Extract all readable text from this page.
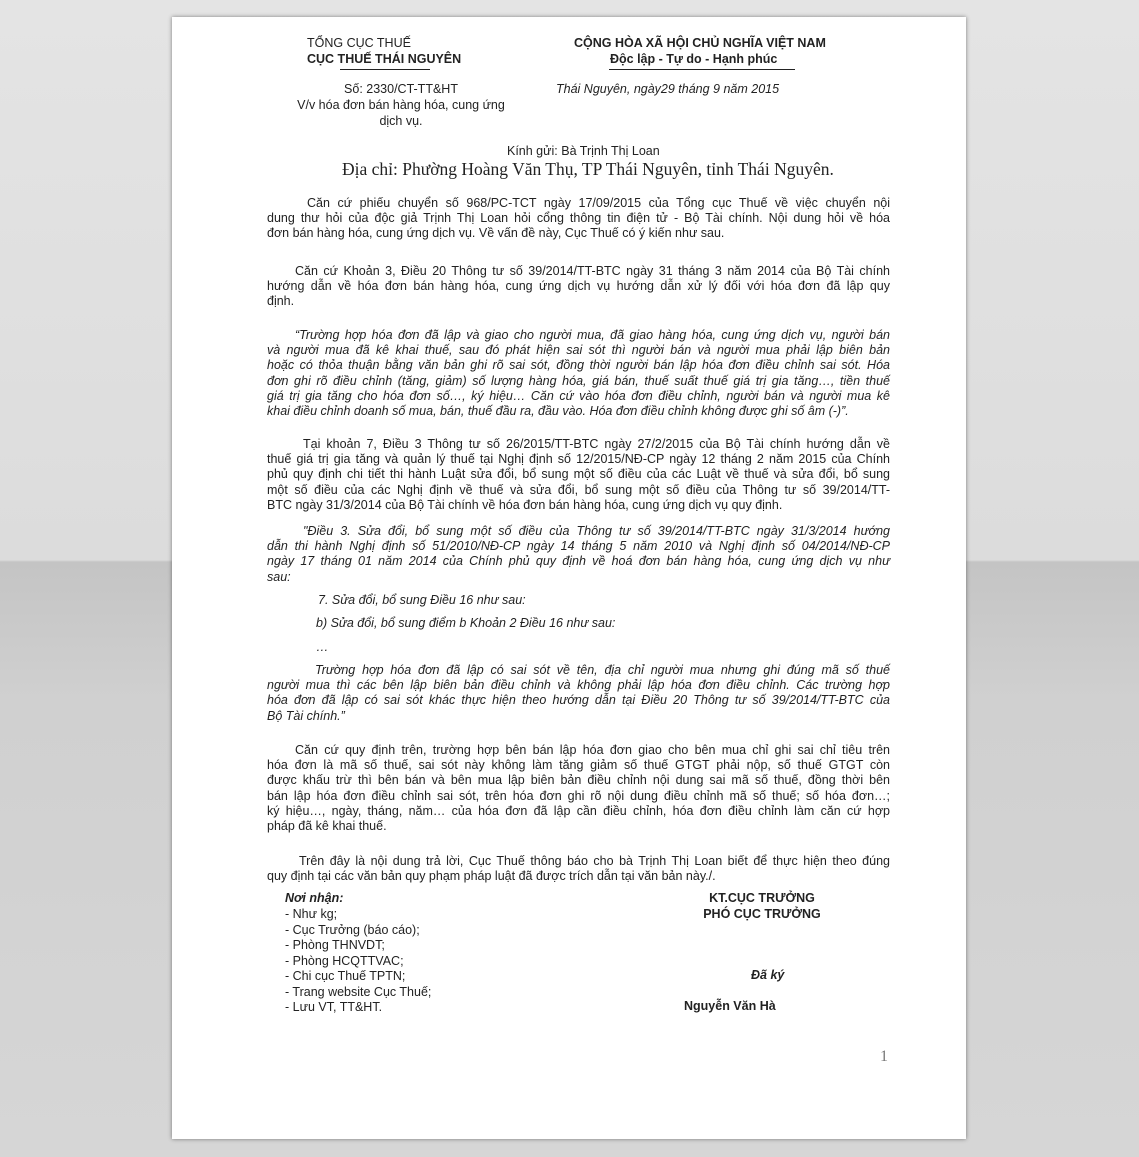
TỔNG CỤC THUẾ
CỤC THUẾ THÁI NGUYÊN
CỘNG HÒA XÃ HỘI CHỦ NGHĨA VIỆT NAM
Độc lập - Tự do - Hạnh phúc
Số: 2330/CT-TT&HT
V/v hóa đơn bán hàng hóa, cung ứng
dịch vụ.
Thái Nguyên, ngày29 tháng 9 năm 2015
Kính gửi: Bà Trịnh Thị Loan
Địa chỉ: Phường Hoàng Văn Thụ, TP Thái Nguyên, tỉnh Thái Nguyên.
Căn cứ phiếu chuyển số 968/PC-TCT ngày 17/09/2015 của Tổng cục Thuế về việc chuyển nội
dung thư hỏi của độc giả Trịnh Thị Loan hỏi cổng thông tin điện tử - Bộ Tài chính. Nội dung hỏi về hóa
đơn bán hàng hóa, cung ứng dịch vụ. Về vấn đề này, Cục Thuế có ý kiến như sau.
Căn cứ Khoản 3, Điều 20 Thông tư số 39/2014/TT-BTC ngày 31 tháng 3 năm 2014 của Bộ Tài chính
hướng dẫn về hóa đơn bán hàng hóa, cung ứng dịch vụ hướng dẫn xử lý đối với hóa đơn đã lập quy
định.
“Trường hợp hóa đơn đã lập và giao cho người mua, đã giao hàng hóa, cung ứng dịch vụ, người bán
và người mua đã kê khai thuế, sau đó phát hiện sai sót thì người bán và người mua phải lập biên bản
hoặc có thỏa thuận bằng văn bản ghi rõ sai sót, đồng thời người bán lập hóa đơn điều chỉnh sai sót. Hóa
đơn ghi rõ điều chỉnh (tăng, giảm) số lượng hàng hóa, giá bán, thuế suất thuế giá trị gia tăng…, tiền thuế
giá trị gia tăng cho hóa đơn số…, ký hiệu… Căn cứ vào hóa đơn điều chỉnh, người bán và người mua kê
khai điều chỉnh doanh số mua, bán, thuế đầu ra, đầu vào. Hóa đơn điều chỉnh không được ghi số âm (-)”.
Tại khoản 7, Điều 3 Thông tư số 26/2015/TT-BTC ngày 27/2/2015 của Bộ Tài chính hướng dẫn về
thuế giá trị gia tăng và quản lý thuế tại Nghị định số 12/2015/NĐ-CP ngày 12 tháng 2 năm 2015 của Chính
phủ quy định chi tiết thi hành Luật sửa đổi, bổ sung một số điều của các Luật về thuế và sửa đổi, bổ sung
một số điều của các Nghị định về thuế và sửa đổi, bổ sung một số điều của Thông tư số 39/2014/TT-
BTC ngày 31/3/2014 của Bộ Tài chính về hóa đơn bán hàng hóa, cung ứng dịch vụ quy định.
"Điều 3. Sửa đổi, bổ sung một số điều của Thông tư số 39/2014/TT-BTC ngày 31/3/2014 hướng
dẫn thi hành Nghị định số 51/2010/NĐ-CP ngày 14 tháng 5 năm 2010 và Nghị định số 04/2014/NĐ-CP
ngày 17 tháng 01 năm 2014 của Chính phủ quy định về hoá đơn bán hàng hóa, cung ứng dịch vụ như
sau:
7. Sửa đổi, bổ sung Điều 16 như sau:
b) Sửa đổi, bổ sung điểm b Khoản 2 Điều 16 như sau:
…
Trường hợp hóa đơn đã lập có sai sót về tên, địa chỉ người mua nhưng ghi đúng mã số thuế
người mua thì các bên lập biên bản điều chỉnh và không phải lập hóa đơn điều chỉnh. Các trường hợp
hóa đơn đã lập có sai sót khác thực hiện theo hướng dẫn tại Điều 20 Thông tư số 39/2014/TT-BTC của
Bộ Tài chính.”
Căn cứ quy định trên, trường hợp bên bán lập hóa đơn giao cho bên mua chỉ ghi sai chỉ tiêu trên
hóa đơn là mã số thuế, sai sót này không làm tăng giảm số thuế GTGT phải nộp, số thuế GTGT còn
được khấu trừ thì bên bán và bên mua lập biên bản điều chỉnh nội dung sai mã số thuế, đồng thời bên
bán lập hóa đơn điều chỉnh sai sót, trên hóa đơn ghi rõ nội dung điều chỉnh mã số thuế; số hóa đơn…;
ký hiệu…, ngày, tháng, năm… của hóa đơn đã lập cần điều chỉnh, hóa đơn điều chỉnh làm căn cứ hợp
pháp đã kê khai thuế.
Trên đây là nội dung trả lời, Cục Thuế thông báo cho bà Trịnh Thị Loan biết để thực hiện theo đúng
quy định tại các văn bản quy phạm pháp luật đã được trích dẫn tại văn bản này./.
Nơi nhận:
- Như kg;
- Cục Trưởng (báo cáo);
- Phòng THNVDT;
- Phòng HCQTTVAC;
- Chi cục Thuế TPTN;
- Trang website Cục Thuế;
- Lưu VT, TT&HT.
KT.CỤC TRƯỞNG
PHÓ CỤC TRƯỞNG
Đã ký
Nguyễn Văn Hà
1
